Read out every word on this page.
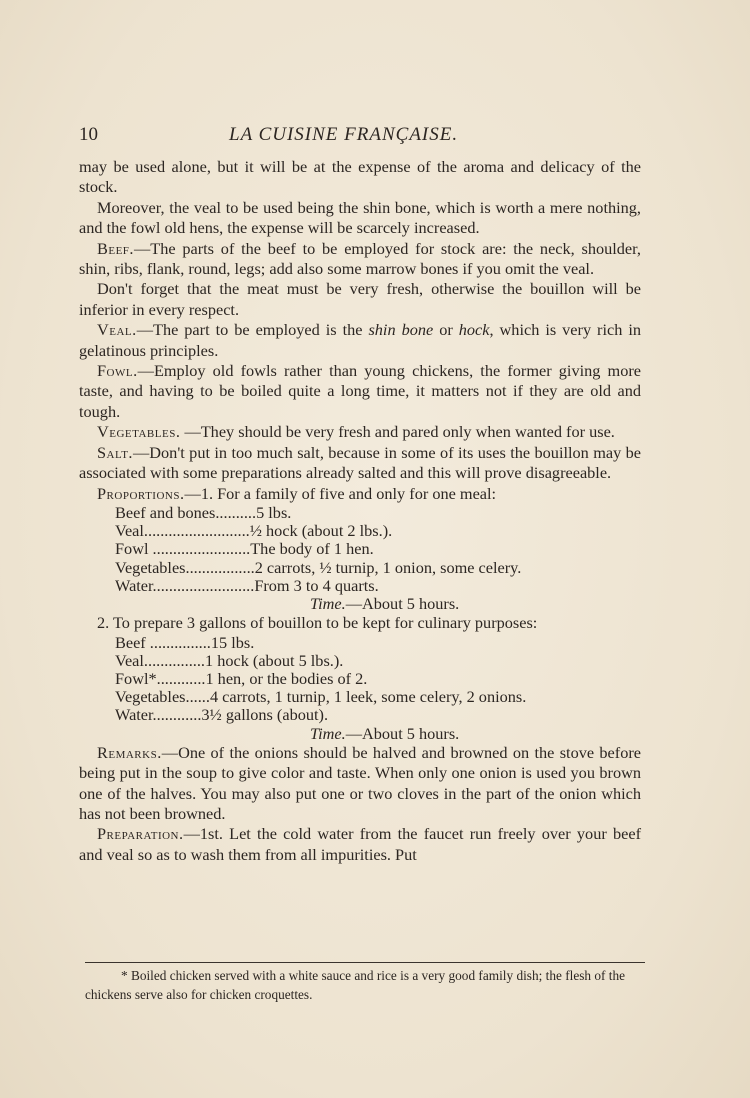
10	LA CUISINE FRANÇAISE.

may be used alone, but it will be at the expense of the aroma and delicacy of the stock.

Moreover, the veal to be used being the shin bone, which is worth a mere nothing, and the fowl old hens, the expense will be scarcely increased.

Beef.—The parts of the beef to be employed for stock are: the neck, shoulder, shin, ribs, flank, round, legs; add also some marrow bones if you omit the veal.

Don't forget that the meat must be very fresh, otherwise the bouillon will be inferior in every respect.

Veal.—The part to be employed is the shin bone or hock, which is very rich in gelatinous principles.

Fowl.—Employ old fowls rather than young chickens, the former giving more taste, and having to be boiled quite a long time, it matters not if they are old and tough.

Vegetables. —They should be very fresh and pared only when wanted for use.

Salt.—Don't put in too much salt, because in some of its uses the bouillon may be associated with some preparations already salted and this will prove disagreeable.

Proportions.—1. For a family of five and only for one meal:

Beef and bones..........5 lbs.
Veal..........................½ hock (about 2 lbs.).
Fowl ........................The body of 1 hen.
Vegetables.................2 carrots, ½ turnip, 1 onion, some celery.
Water.........................From 3 to 4 quarts.
Time.—About 5 hours.

2. To prepare 3 gallons of bouillon to be kept for culinary purposes:

Beef ...............15 lbs.
Veal...............1 hock (about 5 lbs.).
Fowl*............1 hen, or the bodies of 2.
Vegetables......4 carrots, 1 turnip, 1 leek, some celery, 2 onions.
Water............3½ gallons (about).
Time.—About 5 hours.

Remarks.—One of the onions should be halved and browned on the stove before being put in the soup to give color and taste. When only one onion is used you brown one of the halves. You may also put one or two cloves in the part of the onion which has not been browned.

Preparation.—1st. Let the cold water from the faucet run freely over your beef and veal so as to wash them from all impurities. Put

* Boiled chicken served with a white sauce and rice is a very good family dish; the flesh of the chickens serve also for chicken croquettes.
